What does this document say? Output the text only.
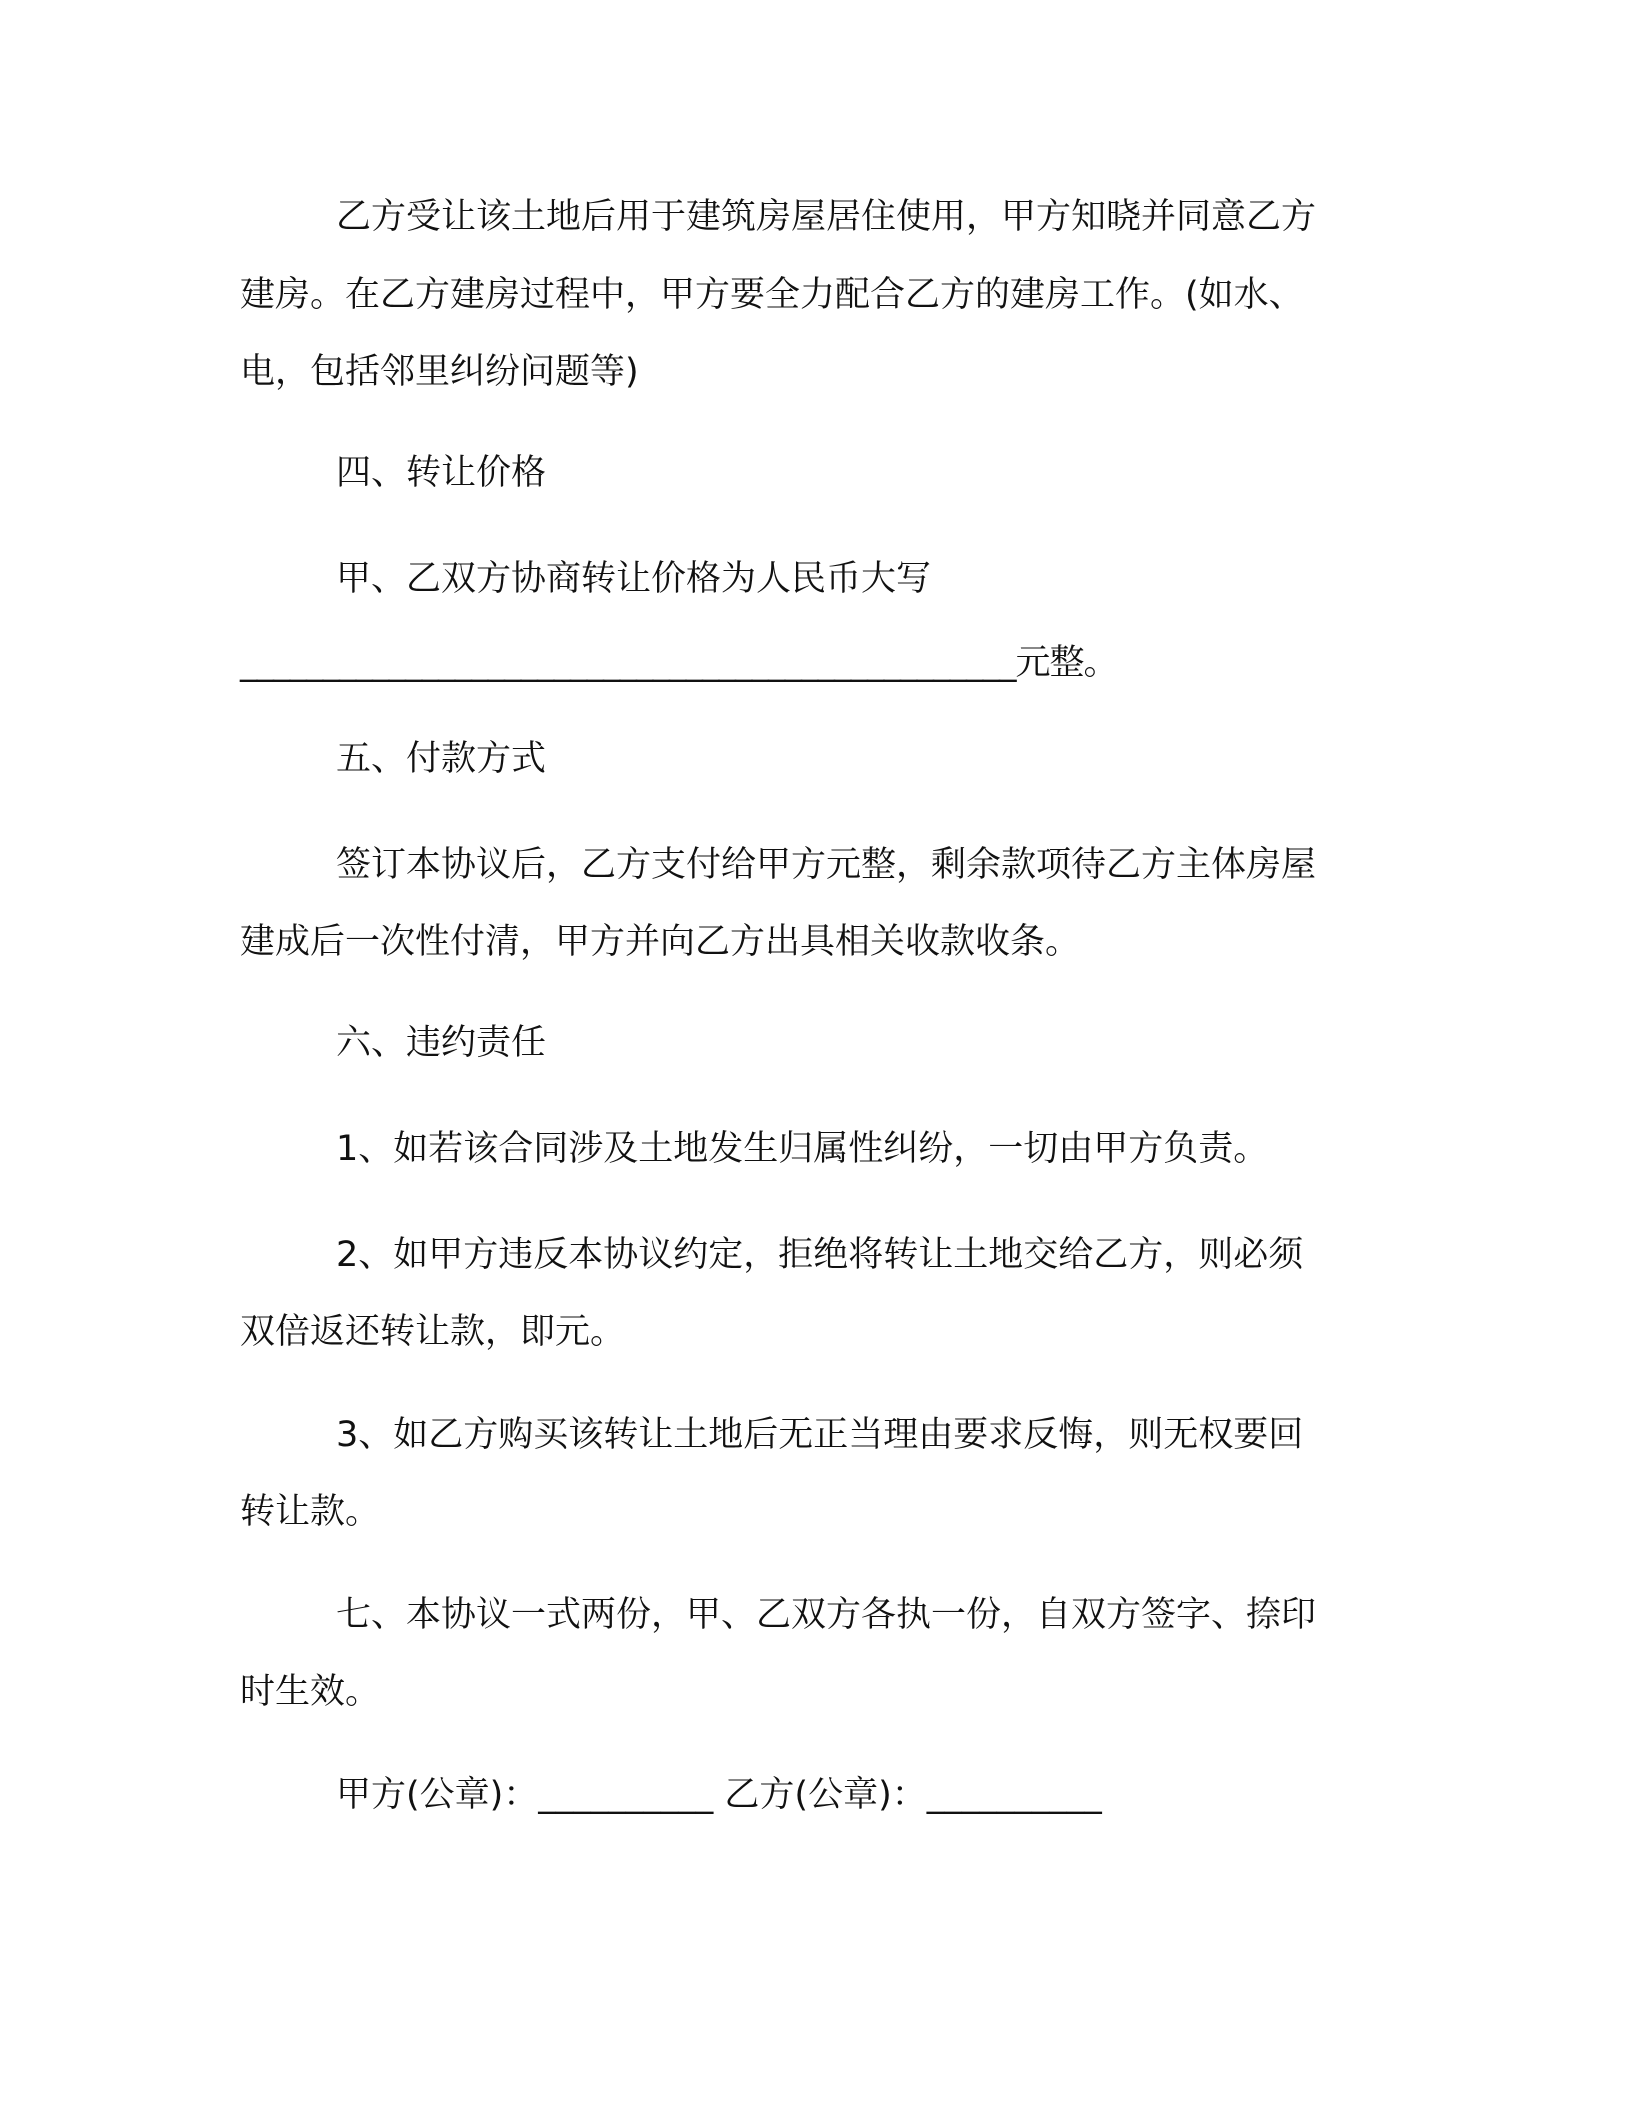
乙方受让该土地后用于建筑房屋居住使用，甲方知晓并同意乙方

建房。在乙方建房过程中，甲方要全力配合乙方的建房工作。(如水、

电，包括邻里纠纷问题等)

四、转让价格

甲、乙双方协商转让价格为人民币大写

_______________________________________________元整。

五、付款方式

签订本协议后，乙方支付给甲方元整，剩余款项待乙方主体房屋

建成后一次性付清，甲方并向乙方出具相关收款收条。

六、违约责任

1、如若该合同涉及土地发生归属性纠纷，一切由甲方负责。

2、如甲方违反本协议约定，拒绝将转让土地交给乙方，则必须

双倍返还转让款，即元。

3、如乙方购买该转让土地后无正当理由要求反悔，则无权要回

转让款。

七、本协议一式两份，甲、乙双方各执一份，自双方签字、捺印

时生效。

甲方(公章)：__________ 乙方(公章)：__________
